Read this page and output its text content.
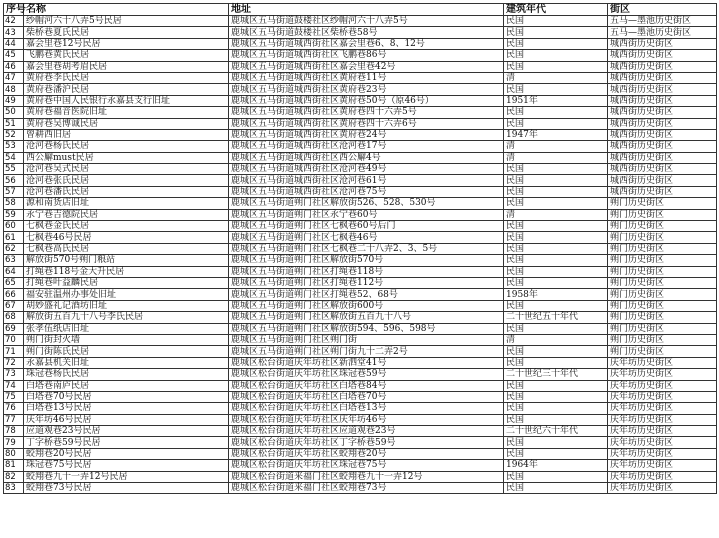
序号	名称	地址	建筑年代	街区
42	纱帽河六十八弄5号民居	鹿城区五马街道鼓楼社区纱帽河六十八弄5号	民国	五马—墨池历史街区
43	柴桥巷夏氏民居	鹿城区五马街道鼓楼社区柴桥巷58号	民国	五马—墨池历史街区
44	嘉会里巷12号民居	鹿城区五马街道城西街社区嘉会里巷6、8、12号	民国	城西街历史街区
45	飞鹏巷黄氏民居	鹿城区五马街道城西街社区飞鹏巷86号	民国	城西街历史街区
46	嘉会里巷胡考眉民居	鹿城区五马街道城西街社区嘉会里巷42号	民国	城西街历史街区
47	黄府巷李氏民居	鹿城区五马街道城西街社区黄府巷11号	清	城西街历史街区
48	黄府巷潘沪民居	鹿城区五马街道城西街社区黄府巷23号	民国	城西街历史街区
49	黄府巷中国人民银行永嘉县支行旧址	鹿城区五马街道城西街社区黄府巷50号（原46号）	1951年	城西街历史街区
50	黄府巷福音医院旧址	鹿城区五马街道城西街社区黄府巷四十六弄5号	民国	城西街历史街区
51	黄府巷吴博诚民居	鹿城区五马街道城西街社区黄府巷四十六弄6号	民国	城西街历史街区
52	曾耕西旧居	鹿城区五马街道城西街社区黄府巷24号	1947年	城西街历史街区
53	沧河巷杨氏民居	鹿城区五马街道城西街社区沧河巷17号	清	城西街历史街区
54	西公廨must民居	鹿城区五马街道城西街社区西公廨4号	清	城西街历史街区
55	沧河巷吴式民居	鹿城区五马街道城西街社区沧河巷49号	民国	城西街历史街区
56	沧河巷张氏民居	鹿城区五马街道城西街社区沧河巷61号	民国	城西街历史街区
57	沧河巷潘氏民居	鹿城区五马街道城西街社区沧河巷75号	民国	城西街历史街区
58	源和南货店旧址	鹿城区五马街道朔门社区解放街526、528、530号	民国	朔门历史街区
59	永宁巷吉德院民居	鹿城区五马街道朔门社区永宁巷60号	清	朔门历史街区
60	七枫巷金氏民居	鹿城区五马街道朔门社区七枫巷60号后门	民国	朔门历史街区
61	七枫巷46号民居	鹿城区五马街道朔门社区七枫巷46号	民国	朔门历史街区
62	七枫巷高氏民居	鹿城区五马街道朔门社区七枫巷二十八弄2、3、5号	民国	朔门历史街区
63	解放街570号朔门粮站	鹿城区五马街道朔门社区解放街570号	民国	朔门历史街区
64	打绳巷118号金大升民居	鹿城区五马街道朔门社区打绳巷118号	民国	朔门历史街区
65	打绳巷叶益麟民居	鹿城区五马街道朔门社区打绳巷112号	民国	朔门历史街区
66	福安驻温州办事处旧址	鹿城区五马街道朔门社区打绳巷52、68号	1958年	朔门历史街区
67	胡妙盛礼记酒坊旧址	鹿城区五马街道朔门社区解放街600号	民国	朔门历史街区
68	解放街五百九十八号李氏民居	鹿城区五马街道朔门社区解放街五百九十八号	二十世纪五十年代	朔门历史街区
69	张孝伍纸店旧址	鹿城区五马街道朔门社区解放街594、596、598号	民国	朔门历史街区
70	朔门街封火墙	鹿城区五马街道朔门社区朔门街	清	朔门历史街区
71	朔门街陈氏民居	鹿城区五马街道朔门社区朔门街九十二弄2号	民国	朔门历史街区
72	永嘉县机关旧址	鹿城区松台街道庆年坊社区新泗堂41号	民国	庆年坊历史街区
73	珠冠巷杨氏民居	鹿城区松台街道庆年坊社区珠冠巷59号	二十世纪三十年代	庆年坊历史街区
74	白塔巷南庐民居	鹿城区松台街道庆年坊社区白塔巷84号	民国	庆年坊历史街区
75	白塔巷70号民居	鹿城区松台街道庆年坊社区白塔巷70号	民国	庆年坊历史街区
76	白塔巷13号民居	鹿城区松台街道庆年坊社区白塔巷13号	民国	庆年坊历史街区
77	庆年坊46号民居	鹿城区松台街道庆年坊社区庆年坊46号	民国	庆年坊历史街区
78	应道观巷23号民居	鹿城区松台街道庆年坊社区应道观巷23号	二十世纪六十年代	庆年坊历史街区
79	丁字桥巷59号民居	鹿城区松台街道庆年坊社区丁字桥巷59号	民国	庆年坊历史街区
80	蛟翔巷20号民居	鹿城区松台街道庆年坊社区蛟翔巷20号	民国	庆年坊历史街区
81	珠冠巷75号民居	鹿城区松台街道庆年坊社区珠冠巷75号	1964年	庆年坊历史街区
82	蛟翔巷九十一弄12号民居	鹿城区松台街道来福门社区蛟翔巷九十一弄12号	民国	庆年坊历史街区
83	蛟翔巷73号民居	鹿城区松台街道来福门社区蛟翔巷73号	民国	庆年坊历史街区
